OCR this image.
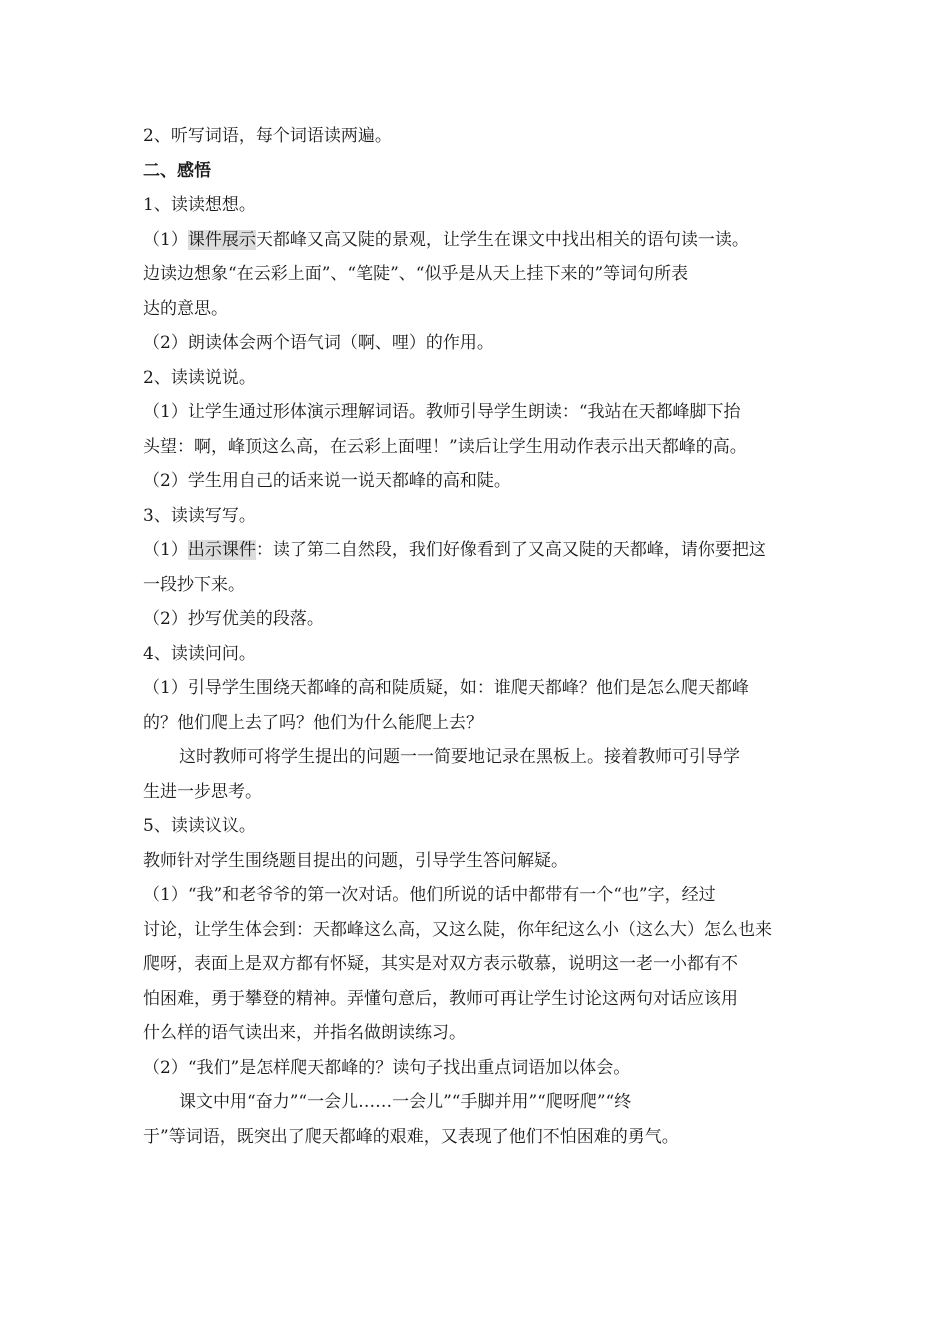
2、听写词语，每个词语读两遍。

二、感悟

1、读读想想。

（1）课件展示天都峰又高又陡的景观，让学生在课文中找出相关的语句读一读。

边读边想象“在云彩上面”、“笔陡”、“似乎是从天上挂下来的”等词句所表

达的意思。

（2）朗读体会两个语气词（啊、哩）的作用。

2、读读说说。

（1）让学生通过形体演示理解词语。教师引导学生朗读：“我站在天都峰脚下抬

头望：啊，峰顶这么高，在云彩上面哩！”读后让学生用动作表示出天都峰的高。

（2）学生用自己的话来说一说天都峰的高和陡。

3、读读写写。

（1）出示课件：读了第二自然段，我们好像看到了又高又陡的天都峰，请你要把这

一段抄下来。

（2）抄写优美的段落。

4、读读问问。

（1）引导学生围绕天都峰的高和陡质疑，如：谁爬天都峰？他们是怎么爬天都峰

的？他们爬上去了吗？他们为什么能爬上去？

这时教师可将学生提出的问题一一简要地记录在黑板上。接着教师可引导学

生进一步思考。

5、读读议议。

教师针对学生围绕题目提出的问题，引导学生答问解疑。

（1）“我”和老爷爷的第一次对话。他们所说的话中都带有一个“也”字，经过

讨论，让学生体会到：天都峰这么高，又这么陡，你年纪这么小（这么大）怎么也来

爬呀，表面上是双方都有怀疑，其实是对双方表示敬慕，说明这一老一小都有不

怕困难，勇于攀登的精神。弄懂句意后，教师可再让学生讨论这两句对话应该用

什么样的语气读出来，并指名做朗读练习。

（2）“我们”是怎样爬天都峰的？读句子找出重点词语加以体会。

课文中用“奋力”“一会儿……一会儿”“手脚并用”“爬呀爬”“终

于”等词语，既突出了爬天都峰的艰难，又表现了他们不怕困难的勇气。
